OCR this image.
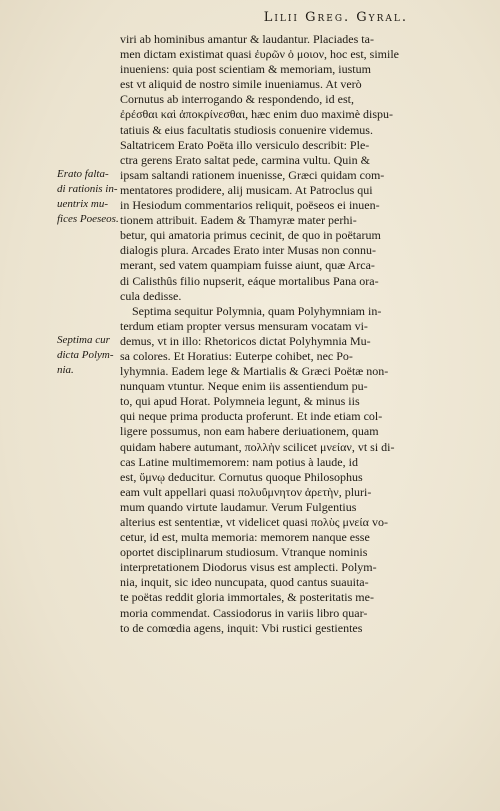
Lilii Greg. Gyral.
Erato falta-
di rationis in-
uentrix mu-
fices Poeseos.
Septima cur
dicta Polym-
nia.
viri ab hominibus amantur & laudantur. Placiades ta-
men dictam existimat quasi ἐυρῶν ὁ μοιον, hoc est, simile
inueniens: quia post scientiam & memoriam, iustum
est vt aliquid de nostro simile inueniamus. At verò
Cornutus ab interrogando & respondendo, id est,
ἐρέσθαι καὶ ἀποκρίνεσθαι, hæc enim duo maximè dispu-
tatiuis & eius facultatis studiosis conuenire videmus.
Saltatricem Erato Poëta illo versiculo describit: Ple-
ctra gerens Erato saltat pede, carmina vultu. Quin &
ipsam saltandi rationem inuenisse, Græci quidam com-
mentatores prodidere, alij musicam. At Patroclus qui
in Hesiodum commentarios reliquit, poëseos ei inuen-
tionem attribuit. Eadem & Thamyræ mater perhi-
betur, qui amatoria primus cecinit, de quo in poëtarum
dialogis plura. Arcades Erato inter Musas non connu-
merant, sed vatem quampiam fuisse aiunt, quæ Arca-
di Calisthûs filio nupserit, eáque mortalibus Pana ora-
cula dedisse.
Septima sequitur Polymnia, quam Polyhymniam in-
terdum etiam propter versus mensuram vocatam vi-
demus, vt in illo: Rhetoricos dictat Polyhymnia Mu-
sa colores. Et Horatius: Euterpe cohibet, nec Po-
lyhymnia. Eadem lege & Martialis & Græci Poëtæ non-
nunquam vtuntur. Neque enim iis assentiendum pu-
to, qui apud Horat. Polymneia legunt, & minus iis
qui neque prima producta proferunt. Et inde etiam col-
ligere possumus, non eam habere deriuationem, quam
quidam habere autumant, πολλὴν scilicet μνείαν, vt si di-
cas Latine multimemorem: nam potius à laude, id
est, ὕμνῳ deducitur. Cornutus quoque Philosophus
eam vult appellari quasi πολυΰμνητον ἀρετὴν, pluri-
mum quando virtute laudamur. Verum Fulgentius
alterius est sententiæ, vt videlicet quasi πολὺς μνεία vo-
cetur, id est, multa memoria: memorem nanque esse
oportet disciplinarum studiosum. Vtranque nominis
interpretationem Diodorus visus est amplecti. Polym-
nia, inquit, sic ideo nuncupata, quod cantus suauita-
te poëtas reddit gloria immortales, & posteritatis me-
moria commendat. Cassiodorus in variis libro quar-
to de comœdia agens, inquit: Vbi rustici gestientes
